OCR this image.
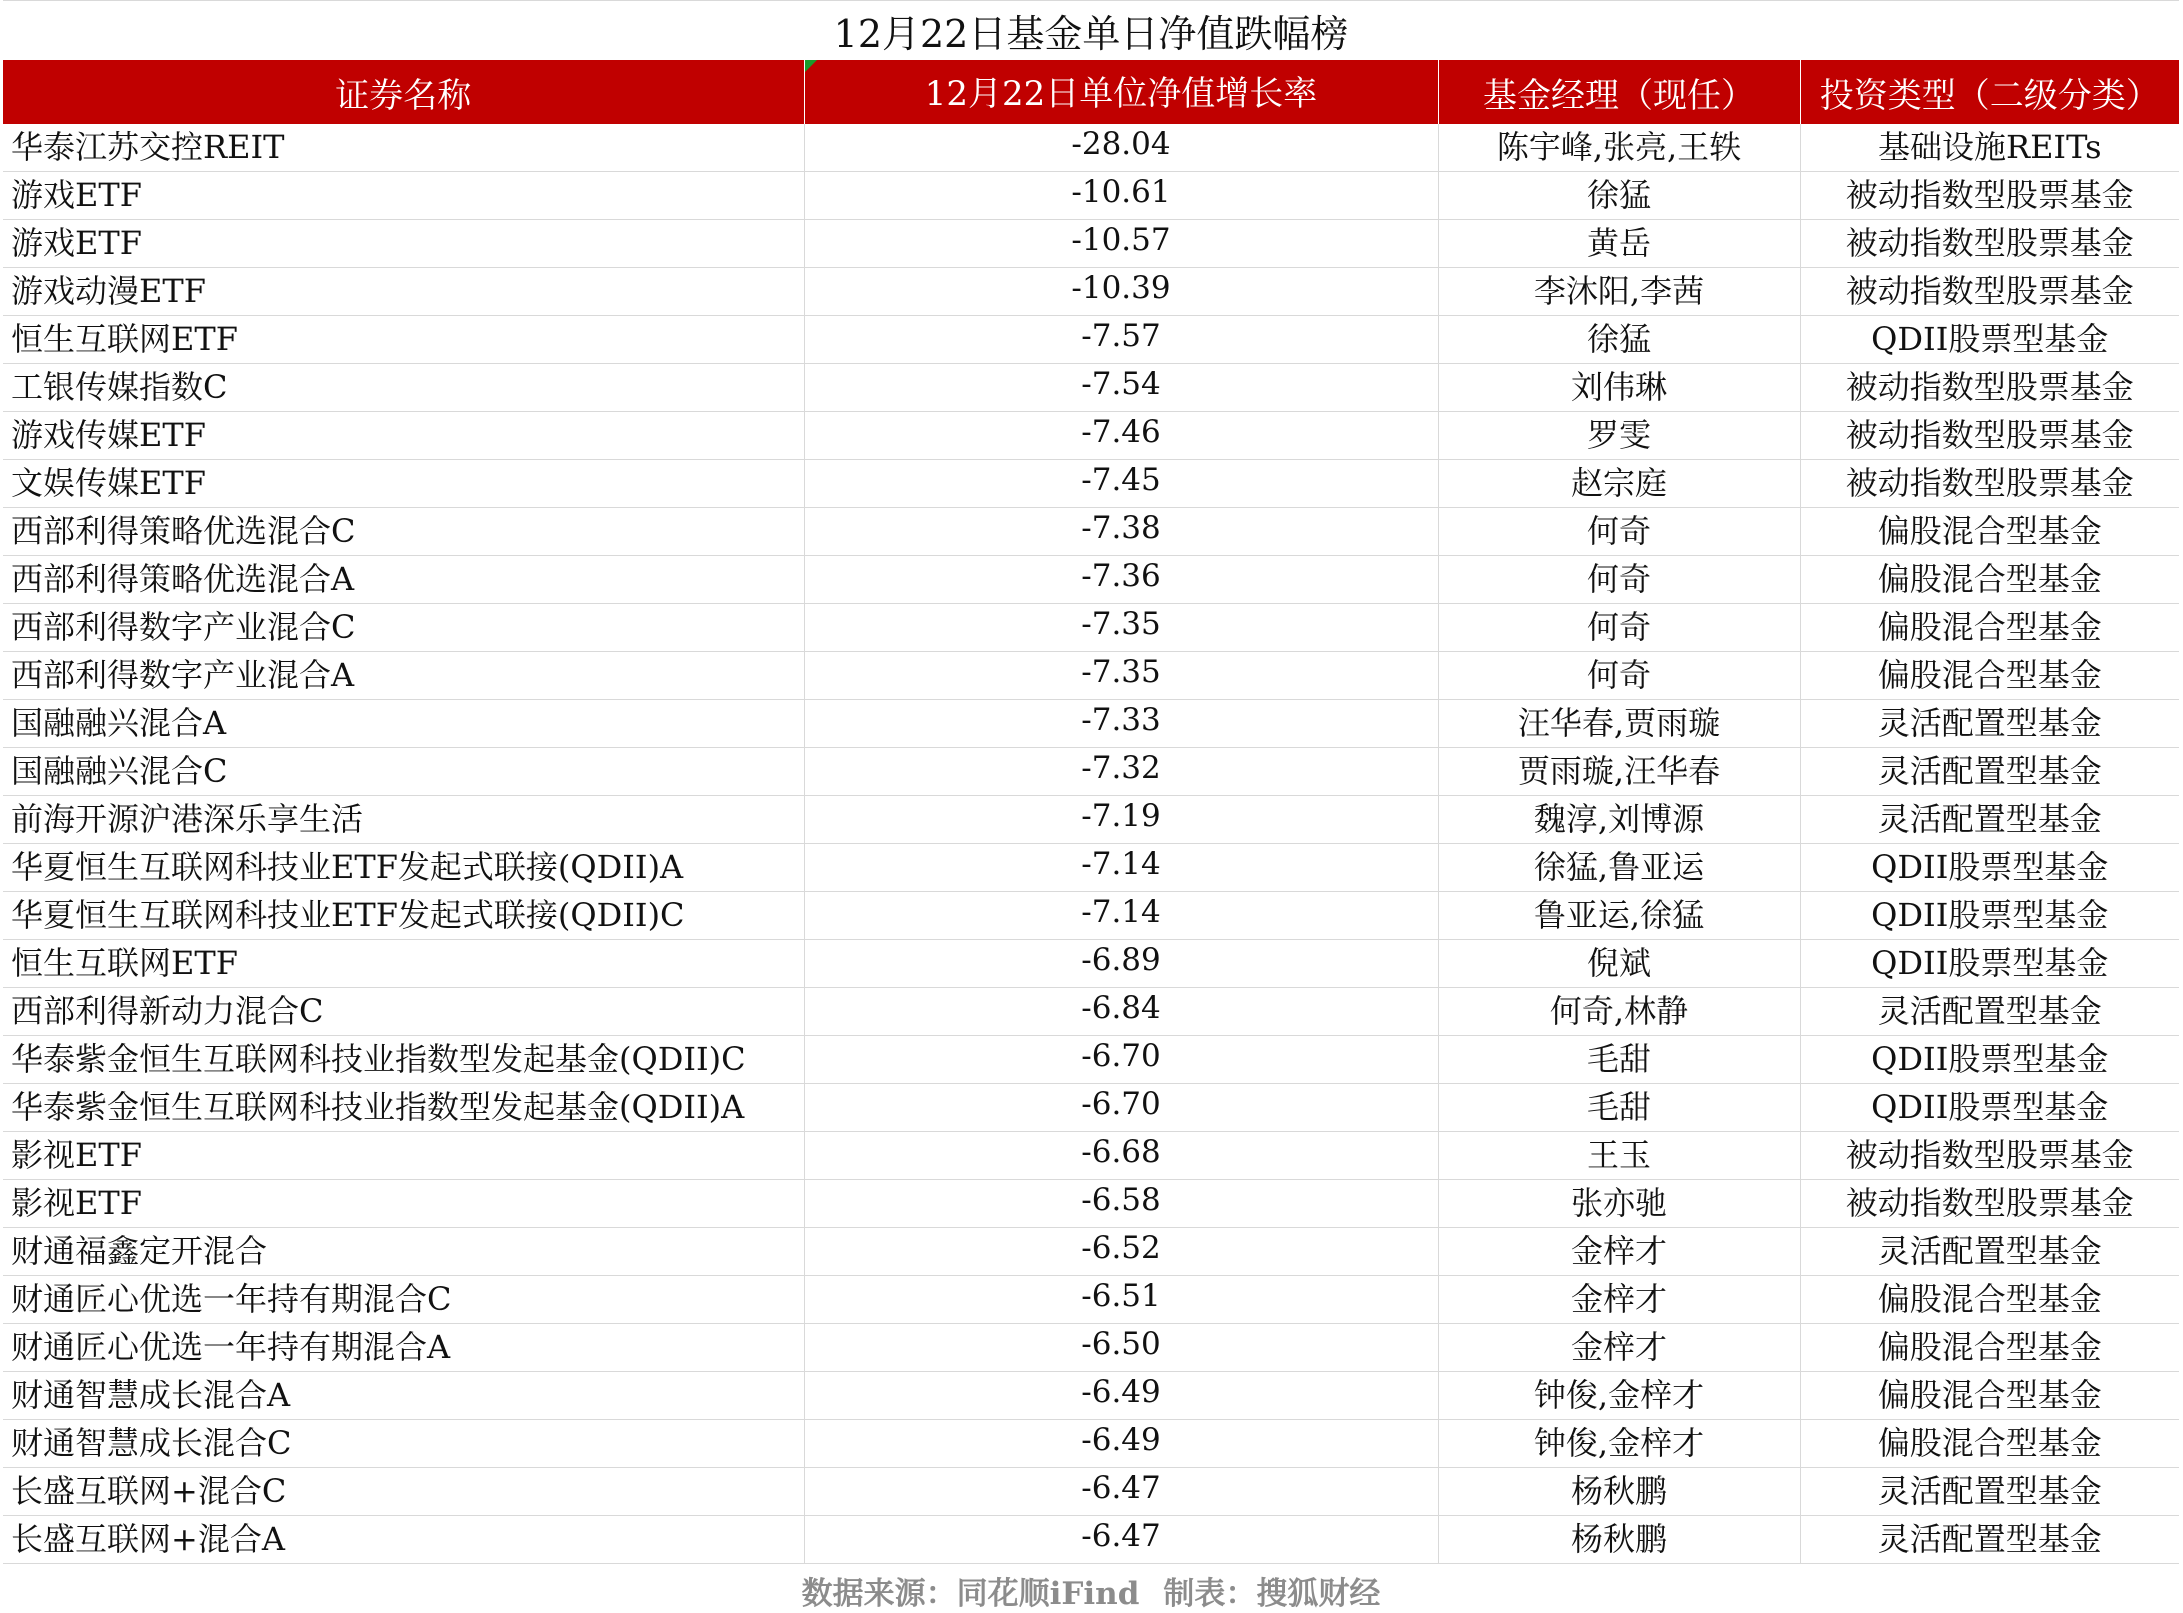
12月22日基金单日净值跌幅榜
证券名称	12月22日单位净值增长率	基金经理（现任）	投资类型（二级分类）
华泰江苏交控REIT	-28.04	陈宇峰,张亮,王轶	基础设施REITs
游戏ETF	-10.61	徐猛	被动指数型股票基金
游戏ETF	-10.57	黄岳	被动指数型股票基金
游戏动漫ETF	-10.39	李沐阳,李茜	被动指数型股票基金
恒生互联网ETF	-7.57	徐猛	QDII股票型基金
工银传媒指数C	-7.54	刘伟琳	被动指数型股票基金
游戏传媒ETF	-7.46	罗雯	被动指数型股票基金
文娱传媒ETF	-7.45	赵宗庭	被动指数型股票基金
西部利得策略优选混合C	-7.38	何奇	偏股混合型基金
西部利得策略优选混合A	-7.36	何奇	偏股混合型基金
西部利得数字产业混合C	-7.35	何奇	偏股混合型基金
西部利得数字产业混合A	-7.35	何奇	偏股混合型基金
国融融兴混合A	-7.33	汪华春,贾雨璇	灵活配置型基金
国融融兴混合C	-7.32	贾雨璇,汪华春	灵活配置型基金
前海开源沪港深乐享生活	-7.19	魏淳,刘博源	灵活配置型基金
华夏恒生互联网科技业ETF发起式联接(QDII)A	-7.14	徐猛,鲁亚运	QDII股票型基金
华夏恒生互联网科技业ETF发起式联接(QDII)C	-7.14	鲁亚运,徐猛	QDII股票型基金
恒生互联网ETF	-6.89	倪斌	QDII股票型基金
西部利得新动力混合C	-6.84	何奇,林静	灵活配置型基金
华泰紫金恒生互联网科技业指数型发起基金(QDII)C	-6.70	毛甜	QDII股票型基金
华泰紫金恒生互联网科技业指数型发起基金(QDII)A	-6.70	毛甜	QDII股票型基金
影视ETF	-6.68	王玉	被动指数型股票基金
影视ETF	-6.58	张亦驰	被动指数型股票基金
财通福鑫定开混合	-6.52	金梓才	灵活配置型基金
财通匠心优选一年持有期混合C	-6.51	金梓才	偏股混合型基金
财通匠心优选一年持有期混合A	-6.50	金梓才	偏股混合型基金
财通智慧成长混合A	-6.49	钟俊,金梓才	偏股混合型基金
财通智慧成长混合C	-6.49	钟俊,金梓才	偏股混合型基金
长盛互联网+混合C	-6.47	杨秋鹏	灵活配置型基金
长盛互联网+混合A	-6.47	杨秋鹏	灵活配置型基金
数据来源：同花顺iFind 制表：搜狐财经
